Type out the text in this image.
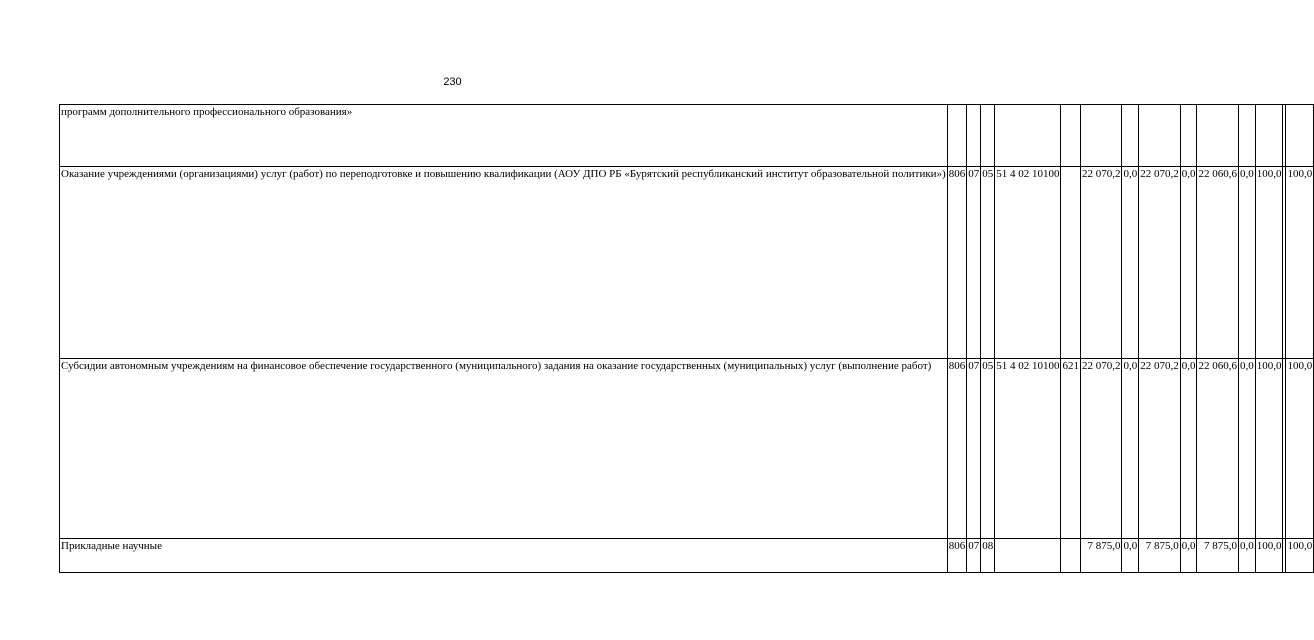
230
программ дополнительного профессионального образования»														
Оказание учреждениями (организациями) услуг (работ) по переподготовке и повышению квалификации (АОУ ДПО РБ «Бурятский республиканский институт образовательной политики»)	806	07	05	51 4 02 10100		22 070,2	0,0	22 070,2	0,0	22 060,6	0,0	100,0		100,0
Субсидии автономным учреждениям на финансовое обеспечение государственного (муниципального) задания на оказание государственных (муниципальных) услуг (выполнение работ)	806	07	05	51 4 02 10100	621	22 070,2	0,0	22 070,2	0,0	22 060,6	0,0	100,0		100,0
Прикладные научные	806	07	08			7 875,0	0,0	7 875,0	0,0	7 875,0	0,0	100,0		100,0
